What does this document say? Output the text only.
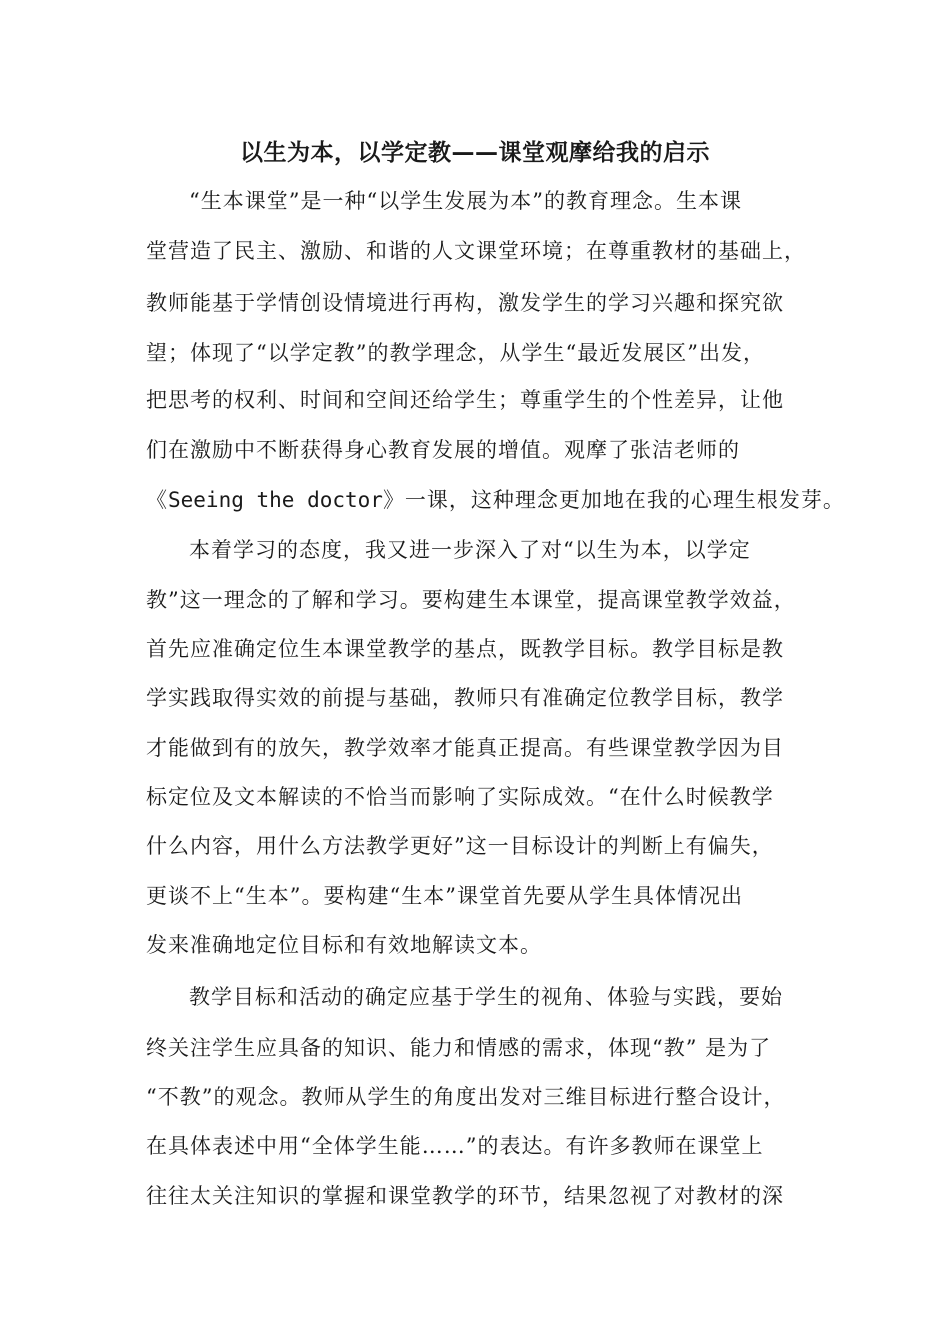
以生为本，以学定教——课堂观摩给我的启示
“生本课堂”是一种“以学生发展为本”的教育理念。生本课
堂营造了民主、激励、和谐的人文课堂环境；在尊重教材的基础上，
教师能基于学情创设情境进行再构，激发学生的学习兴趣和探究欲
望；体现了“以学定教”的教学理念，从学生“最近发展区”出发，
把思考的权利、时间和空间还给学生；尊重学生的个性差异，让他
们在激励中不断获得身心教育发展的增值。观摩了张洁老师的
《Seeing the doctor》一课，这种理念更加地在我的心理生根发芽。
本着学习的态度，我又进一步深入了对“以生为本，以学定
教”这一理念的了解和学习。要构建生本课堂，提高课堂教学效益，
首先应准确定位生本课堂教学的基点，既教学目标。教学目标是教
学实践取得实效的前提与基础，教师只有准确定位教学目标，教学
才能做到有的放矢，教学效率才能真正提高。有些课堂教学因为目
标定位及文本解读的不恰当而影响了实际成效。“在什么时候教学
什么内容，用什么方法教学更好”这一目标设计的判断上有偏失，
更谈不上“生本”。要构建“生本”课堂首先要从学生具体情况出
发来准确地定位目标和有效地解读文本。
教学目标和活动的确定应基于学生的视角、体验与实践，要始
终关注学生应具备的知识、能力和情感的需求，体现“教” 是为了
“不教”的观念。教师从学生的角度出发对三维目标进行整合设计，
在具体表述中用“全体学生能……”的表达。有许多教师在课堂上
往往太关注知识的掌握和课堂教学的环节，结果忽视了对教材的深
